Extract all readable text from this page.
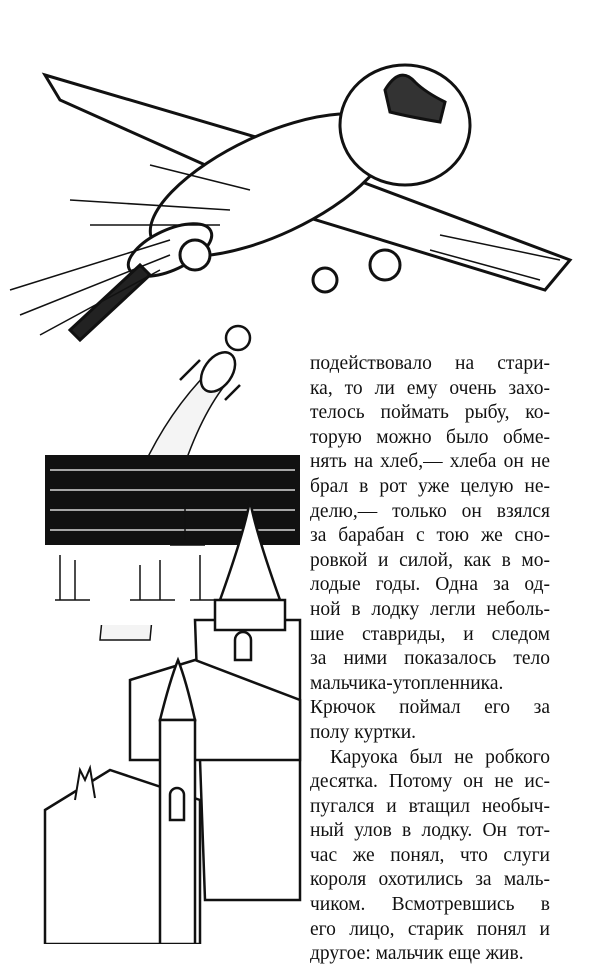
подействовало на стари-
ка, то ли ему очень захо-
телось поймать рыбу, ко-
торую можно было обме-
нять на хлеб,— хлеба он не
брал в рот уже целую не-
делю,— только он взялся
за барабан с тою же сно-
ровкой и силой, как в мо-
лодые годы. Одна за од-
ной в лодку легли неболь-
шие ставриды, и следом
за ними показалось тело
мальчика-утопленника.
Крючок поймал его за
полу куртки.
Каруока был не робкого
десятка. Потому он не ис-
пугался и втащил необыч-
ный улов в лодку. Он тот-
час же понял, что слуги
короля охотились за маль-
чиком. Всмотревшись в
его лицо, старик понял и
другое: мальчик еще жив.
